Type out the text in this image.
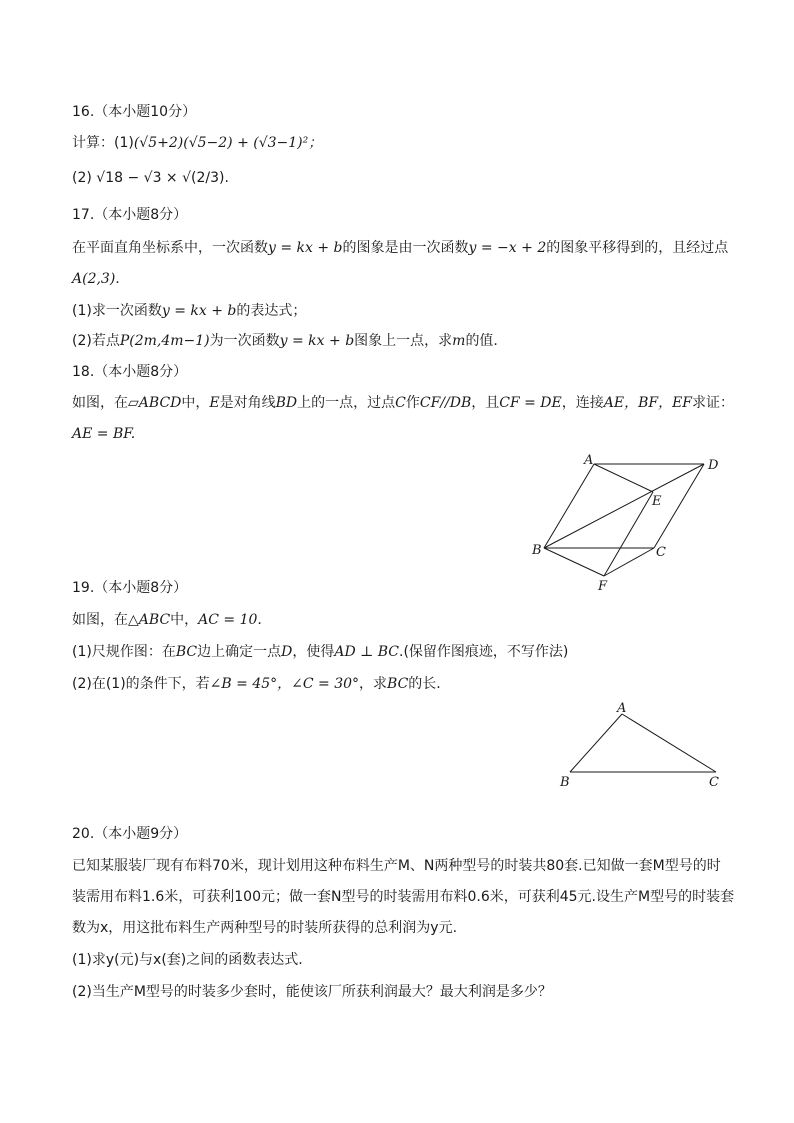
16.（本小题10分）
计算：(1)(√5+2)(√5−2) + (√3−1)²；
(2) √18 − √3 × √(2/3).
17.（本小题8分）
在平面直角坐标系中，一次函数y = kx + b的图象是由一次函数y = −x + 2的图象平移得到的，且经过点
A(2,3).
(1)求一次函数y = kx + b的表达式；
(2)若点P(2m,4m−1)为一次函数y = kx + b图象上一点，求m的值.
18.（本小题8分）
如图，在▱ABCD中，E是对角线BD上的一点，过点C作CF//DB，且CF = DE，连接AE，BF，EF求证：
AE = BF.
A	D
E
B	C
F
19.（本小题8分）
如图，在△ABC中，AC = 10.
(1)尺规作图：在BC边上确定一点D，使得AD ⊥ BC.(保留作图痕迹，不写作法)
(2)在(1)的条件下，若∠B = 45°，∠C = 30°，求BC的长.
A
B	C
20.（本小题9分）
已知某服装厂现有布料70米，现计划用这种布料生产M、N两种型号的时装共80套.已知做一套M型号的时
装需用布料1.6米，可获利100元；做一套N型号的时装需用布料0.6米，可获利45元.设生产M型号的时装套
数为x，用这批布料生产两种型号的时装所获得的总利润为y元.
(1)求y(元)与x(套)之间的函数表达式.
(2)当生产M型号的时装多少套时，能使该厂所获利润最大？最大利润是多少？
